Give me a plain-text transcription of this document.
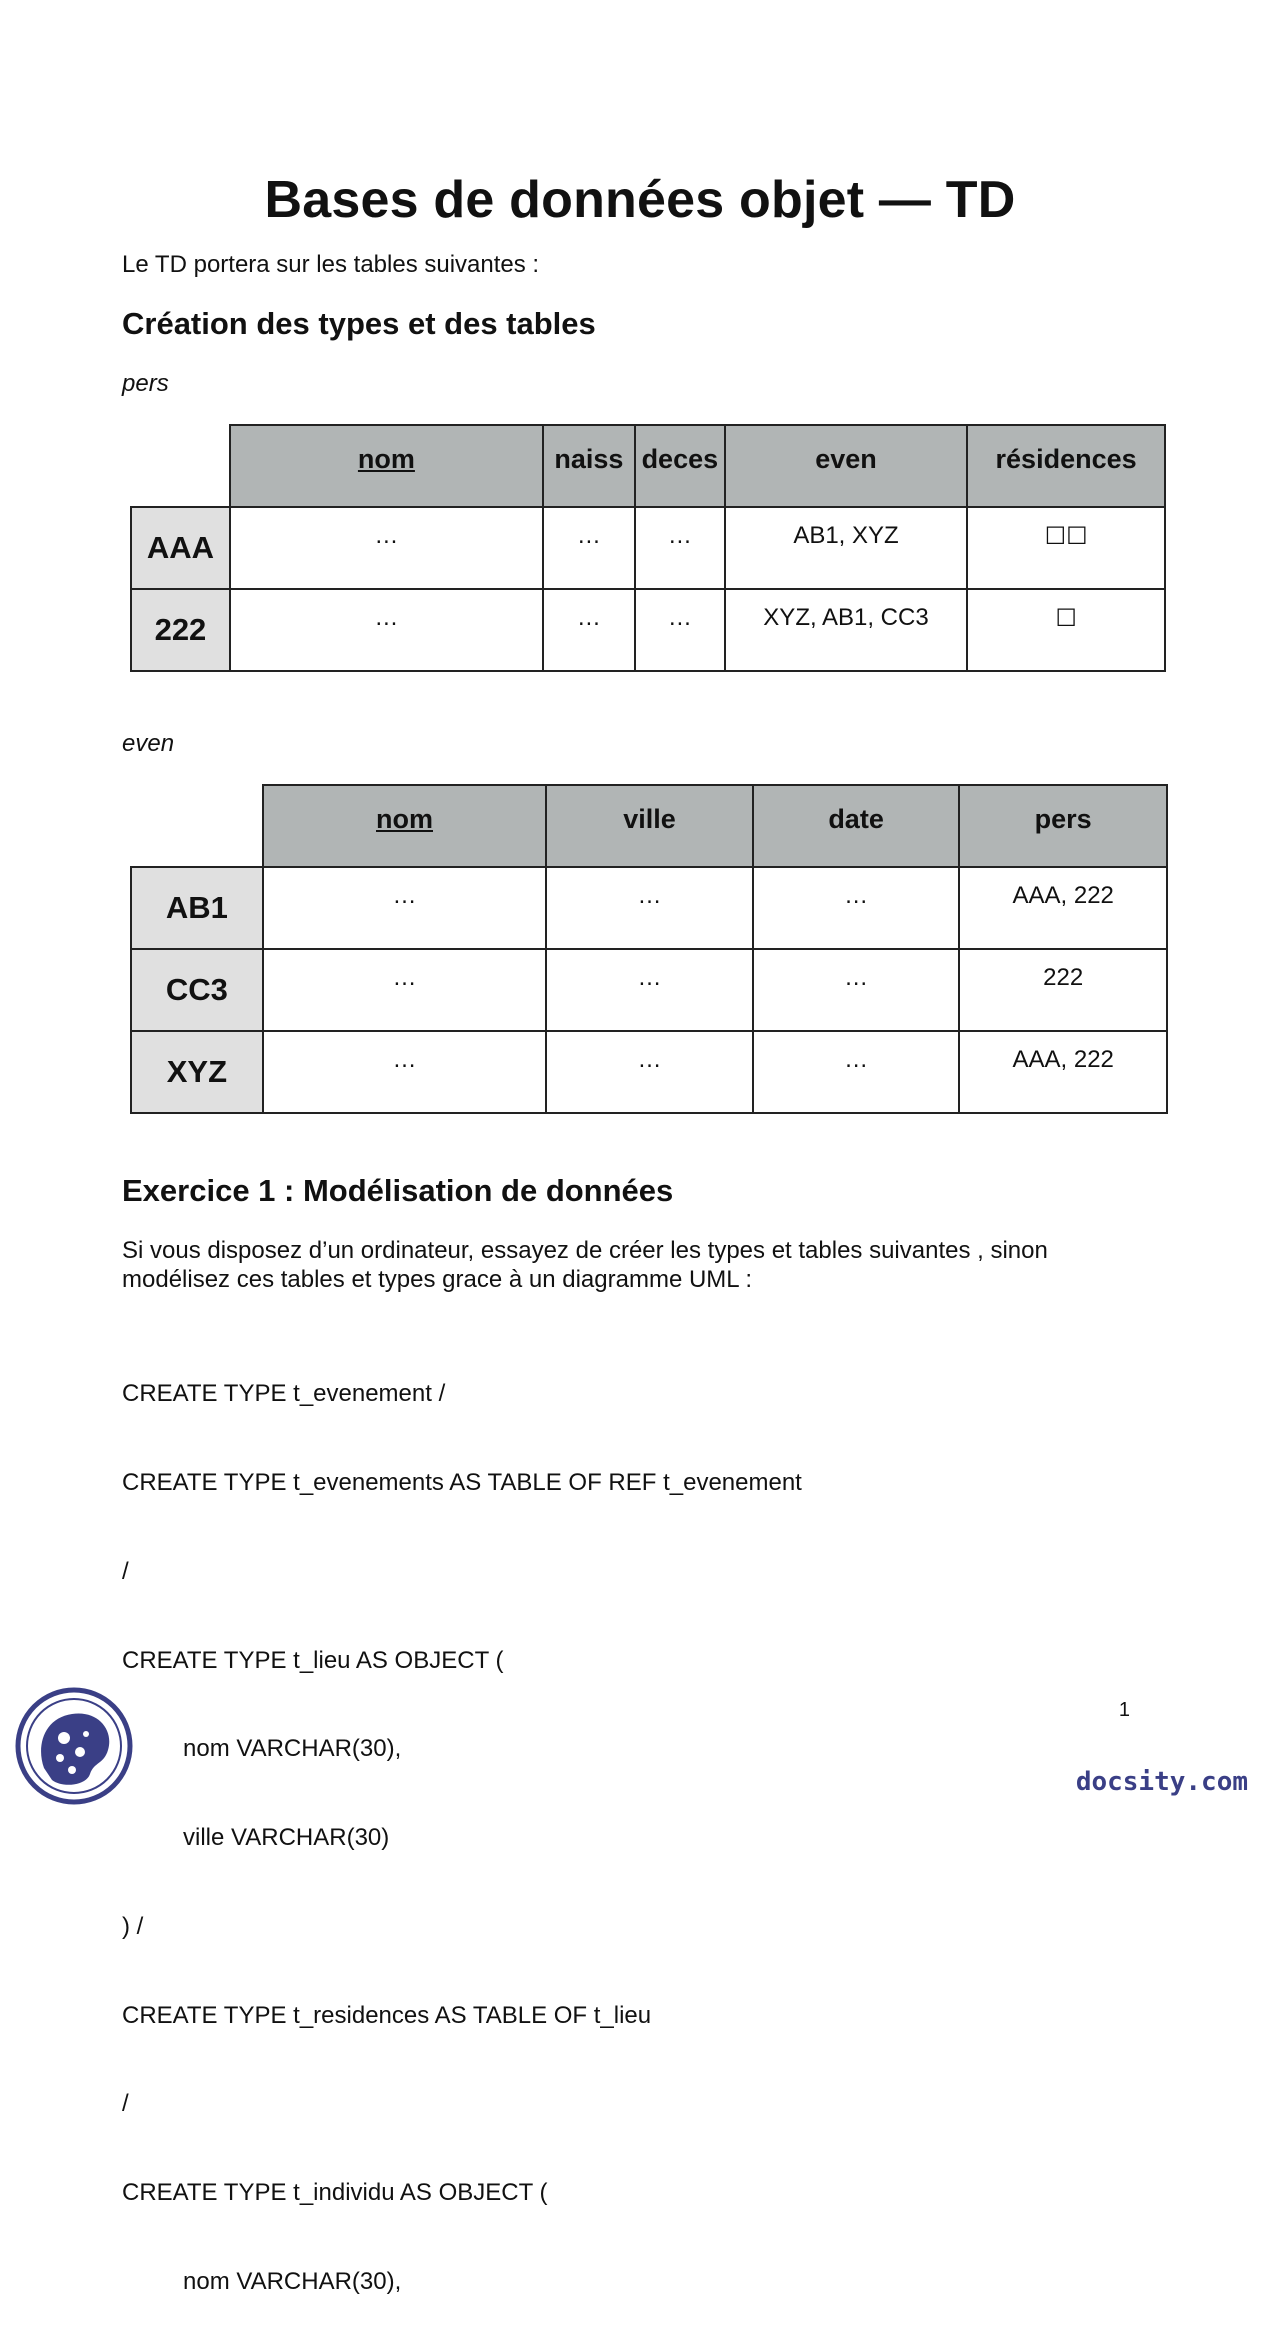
Bases de données objet — TD
Le TD portera sur les tables suivantes :
Création des types et des tables
pers
	nom	naiss	deces	even	résidences
AAA	…	…	…	AB1, XYZ	☐☐
222	…	…	…	XYZ, AB1, CC3	☐
even
	nom	ville	date	pers
AB1	…	…	…	AAA, 222
CC3	…	…	…	222
XYZ	…	…	…	AAA, 222
Exercice 1 : Modélisation de données
Si vous disposez d’un ordinateur, essayez de créer les types et tables suivantes , sinon
modélisez ces tables et types grace à un diagramme UML :

CREATE TYPE t_evenement /

CREATE TYPE t_evenements AS TABLE OF REF t_evenement

/

CREATE TYPE t_lieu AS OBJECT (

nom VARCHAR(30),

ville VARCHAR(30)

) /

CREATE TYPE t_residences AS TABLE OF t_lieu

/

CREATE TYPE t_individu AS OBJECT (

nom VARCHAR(30),

1
docsity.com
